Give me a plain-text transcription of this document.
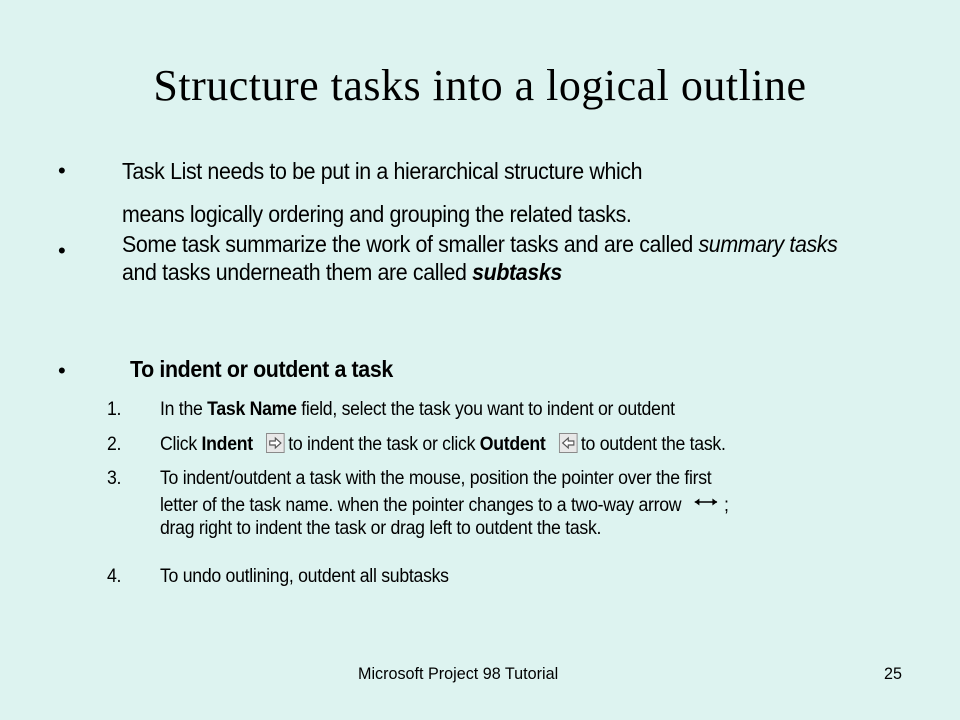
Structure tasks into a logical outline
• Task List needs to be put in a hierarchical structure which
means logically ordering and grouping the related tasks.
• Some task summarize the work of smaller tasks and are called summary tasks and tasks underneath them are called subtasks
•	To indent or outdent a task
1. In the Task Name field, select the task you want to indent or outdent
2. Click Indent to indent the task or click Outdent to outdent the task.
3. To indent/outdent a task with the mouse, position the pointer over the first
letter of the task name. when the pointer changes to a two-way arrow ;
drag right to indent the task or drag left to outdent the task.
4. To undo outlining, outdent all subtasks
Microsoft Project 98 Tutorial	25
